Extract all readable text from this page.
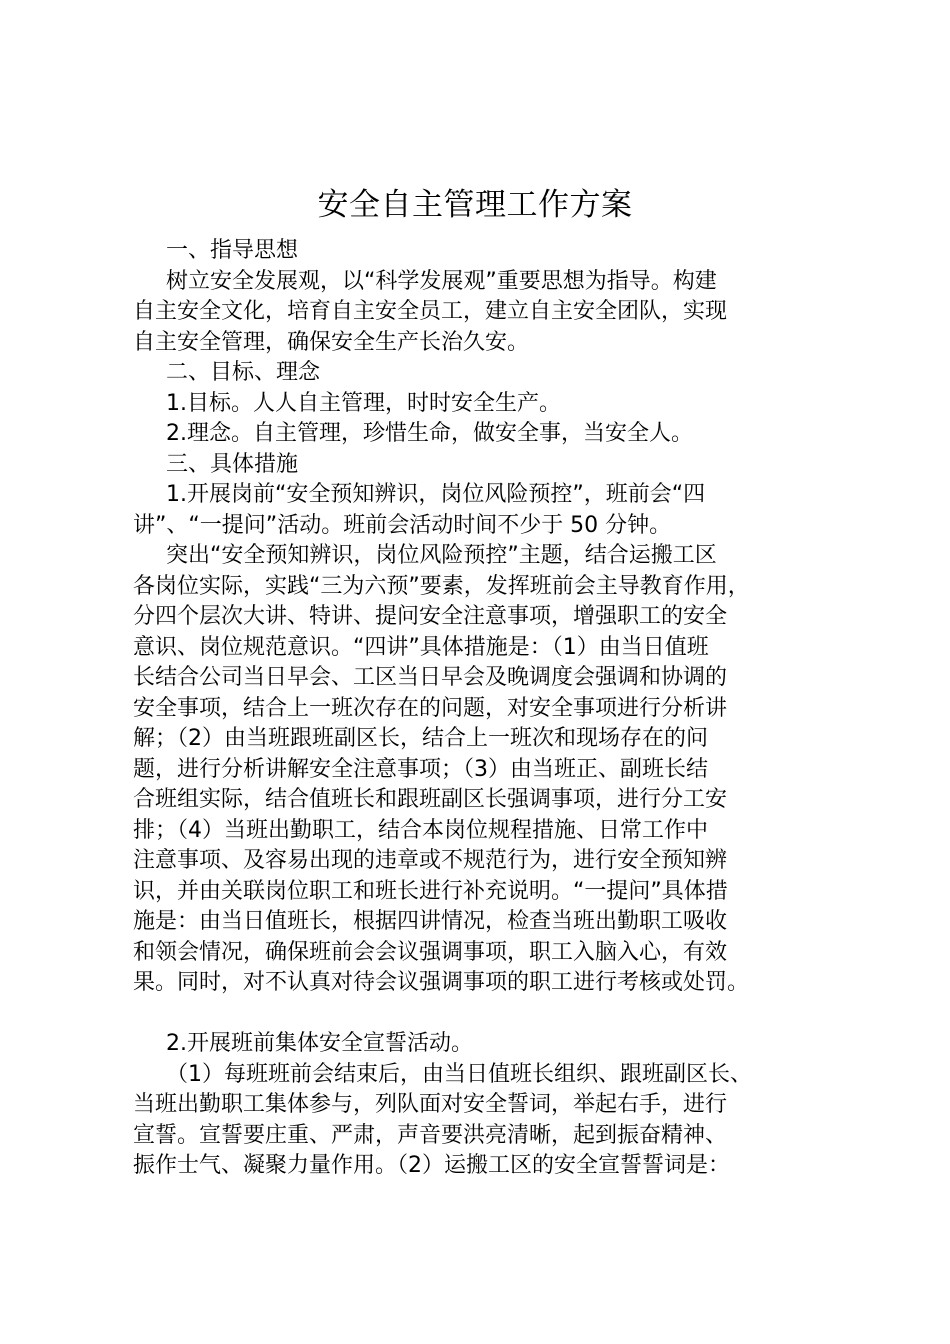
安全自主管理工作方案
一、指导思想
树立安全发展观，以“科学发展观”重要思想为指导。构建
自主安全文化，培育自主安全员工，建立自主安全团队，实现
自主安全管理，确保安全生产长治久安。
二、目标、理念
1.目标。人人自主管理，时时安全生产。
2.理念。自主管理，珍惜生命，做安全事，当安全人。
三、具体措施
1.开展岗前“安全预知辨识，岗位风险预控”，班前会“四
讲”、“一提问”活动。班前会活动时间不少于 50 分钟。
突出“安全预知辨识，岗位风险预控”主题，结合运搬工区
各岗位实际，实践“三为六预”要素，发挥班前会主导教育作用，
分四个层次大讲、特讲、提问安全注意事项，增强职工的安全
意识、岗位规范意识。“四讲”具体措施是：（1）由当日值班
长结合公司当日早会、工区当日早会及晚调度会强调和协调的
安全事项，结合上一班次存在的问题，对安全事项进行分析讲
解；（2）由当班跟班副区长，结合上一班次和现场存在的问
题，进行分析讲解安全注意事项；（3）由当班正、副班长结
合班组实际，结合值班长和跟班副区长强调事项，进行分工安
排；（4）当班出勤职工，结合本岗位规程措施、日常工作中
注意事项、及容易出现的违章或不规范行为，进行安全预知辨
识，并由关联岗位职工和班长进行补充说明。“一提问”具体措
施是：由当日值班长，根据四讲情况，检查当班出勤职工吸收
和领会情况，确保班前会会议强调事项，职工入脑入心，有效
果。同时，对不认真对待会议强调事项的职工进行考核或处罚。
2.开展班前集体安全宣誓活动。
（1）每班班前会结束后，由当日值班长组织、跟班副区长、
当班出勤职工集体参与，列队面对安全誓词，举起右手，进行
宣誓。宣誓要庄重、严肃，声音要洪亮清晰，起到振奋精神、
振作士气、凝聚力量作用。（2）运搬工区的安全宣誓誓词是：
